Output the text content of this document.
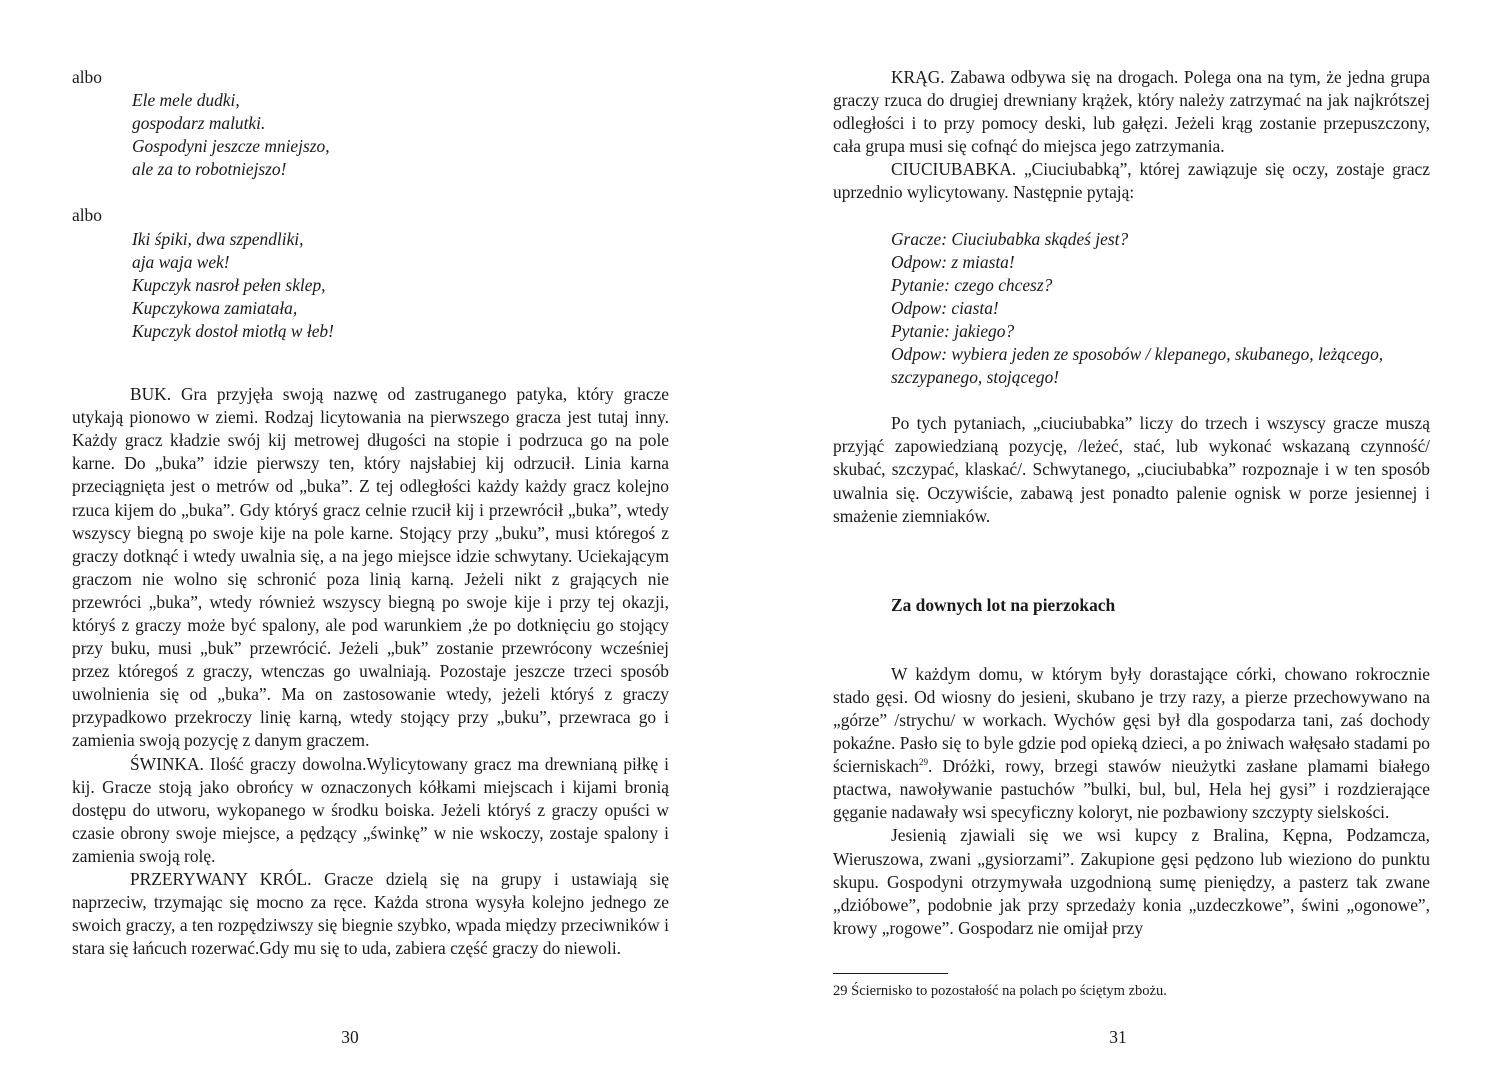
albo

Ele mele dudki,
gospodarz malutki.
Gospodyni jeszcze mniejszo,
ale za to robotniejszo!

albo

Iki śpiki, dwa szpendliki,
aja waja wek!
Kupczyk nasroł pełen sklep,
Kupczykowa zamiatała,
Kupczyk dostoł miotłą w łeb!

BUK. Gra przyjęła swoją nazwę od zastruganego patyka, który gracze utykają pionowo w ziemi. Rodzaj licytowania na pierwszego gracza jest tutaj inny. Każdy gracz kładzie swój kij metrowej długości na stopie i podrzuca go na pole karne. Do „buka” idzie pierwszy ten, który najsłabiej kij odrzucił. Linia karna przeciągnięta jest o metrów od „buka”. Z tej odległości każdy każdy gracz kolejno rzuca kijem do „buka”. Gdy któryś gracz celnie rzucił kij i przewrócił „buka”, wtedy wszyscy biegną po swoje kije na pole karne. Stojący przy „buku”, musi któregoś z graczy dotknąć i wtedy uwalnia się, a na jego miejsce idzie schwytany. Uciekającym graczom nie wolno się schronić poza linią karną. Jeżeli nikt z grających nie przewróci „buka”, wtedy również wszyscy biegną po swoje kije i przy tej okazji, któryś z graczy może być spalony, ale pod warunkiem ,że po dotknięciu go stojący przy buku, musi „buk” przewrócić. Jeżeli „buk” zostanie przewrócony wcześniej przez któregoś z graczy, wtenczas go uwalniają. Pozostaje jeszcze trzeci sposób uwolnienia się od „buka”. Ma on zastosowanie wtedy, jeżeli któryś z graczy przypadkowo przekroczy linię karną, wtedy stojący przy „buku”, przewraca go i zamienia swoją pozycję z danym graczem.

ŚWINKA. Ilość graczy dowolna.Wylicytowany gracz ma drewnianą piłkę i kij. Gracze stoją jako obrońcy w oznaczonych kółkami miejscach i kijami bronią dostępu do utworu, wykopanego w środku boiska. Jeżeli któryś z graczy opuści w czasie obrony swoje miejsce, a pędzący „świnkę” w nie wskoczy, zostaje spalony i zamienia swoją rolę.

PRZERYWANY KRÓL. Gracze dzielą się na grupy i ustawiają się naprzeciw, trzymając się mocno za ręce. Każda strona wysyła kolejno jednego ze swoich graczy, a ten rozpędziwszy się biegnie szybko, wpada między przeciwników i stara się łańcuch rozerwać.Gdy mu się to uda, zabiera część graczy do niewoli.

30

KRĄG. Zabawa odbywa się na drogach. Polega ona na tym, że jedna grupa graczy rzuca do drugiej drewniany krążek, który należy zatrzymać na jak najkrótszej odległości i to przy pomocy deski, lub gałęzi. Jeżeli krąg zostanie przepuszczony, cała grupa musi się cofnąć do miejsca jego zatrzymania.

CIUCIUBABKA. „Ciuciubabką”, której zawiązuje się oczy, zostaje gracz uprzednio wylicytowany. Następnie pytają:

Gracze: Ciuciubabka skądeś jest?
Odpow: z miasta!
Pytanie: czego chcesz?
Odpow: ciasta!
Pytanie: jakiego?
Odpow: wybiera jeden ze sposobów / klepanego, skubanego, leżącego,
szczypanego, stojącego!

Po tych pytaniach, „ciuciubabka” liczy do trzech i wszyscy gracze muszą przyjąć zapowiedzianą pozycję, /leżeć, stać, lub wykonać wskazaną czynność/ skubać, szczypać, klaskać/. Schwytanego, „ciuciubabka” rozpoznaje i w ten sposób uwalnia się. Oczywiście, zabawą jest ponadto palenie ognisk w porze jesiennej i smażenie ziemniaków.

Za downych lot na pierzokach

W każdym domu, w którym były dorastające córki, chowano rokrocznie stado gęsi. Od wiosny do jesieni, skubano je trzy razy, a pierze przechowywano na „górze” /strychu/ w workach. Wychów gęsi był dla gospodarza tani, zaś dochody pokaźne. Pasło się to byle gdzie pod opieką dzieci, a po żniwach wałęsało stadami po ścierniskach$^{29}$. Dróżki, rowy, brzegi stawów nieużytki zasłane plamami białego ptactwa, nawoływanie pastuchów ”bulki, bul, bul, Hela hej gysi” i rozdzierające gęganie nadawały wsi specyficzny koloryt, nie pozbawiony szczypty sielskości.

Jesienią zjawiali się we wsi kupcy z Bralina, Kępna, Podzamcza, Wieruszowa, zwani „gysiorzami”. Zakupione gęsi pędzono lub wieziono do punktu skupu. Gospodyni otrzymywała uzgodnioną sumę pieniędzy, a pasterz tak zwane „dzióbowe”, podobnie jak przy sprzedaży konia „uzdeczkowe”, świni „ogonowe”, krowy „rogowe”. Gospodarz nie omijał przy

29 Ściernisko to pozostałość na polach po ściętym zbożu.
31
